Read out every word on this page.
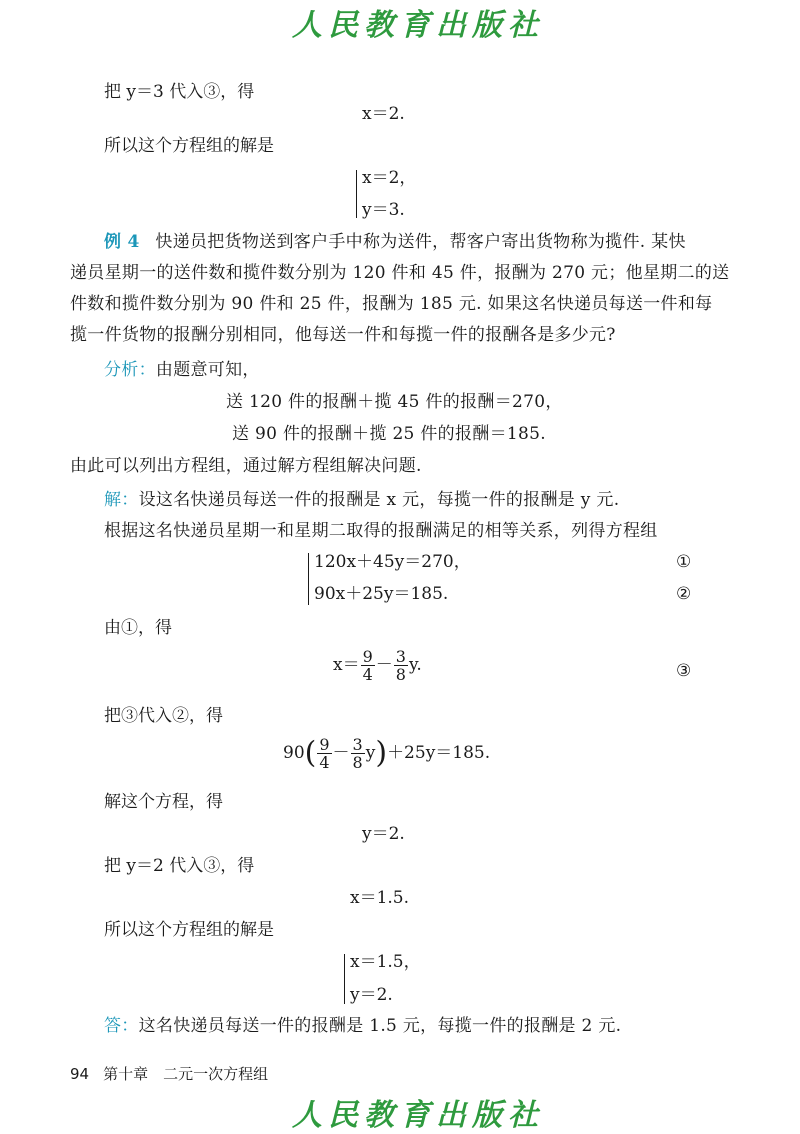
人民教育出版社
把 y＝3 代入③，得
x＝2.
所以这个方程组的解是
x＝2，
y＝3.
例 4 快递员把货物送到客户手中称为送件，帮客户寄出货物称为揽件. 某快
递员星期一的送件数和揽件数分别为 120 件和 45 件，报酬为 270 元；他星期二的送
件数和揽件数分别为 90 件和 25 件，报酬为 185 元. 如果这名快递员每送一件和每
揽一件货物的报酬分别相同，他每送一件和每揽一件的报酬各是多少元?
分析：由题意可知，
送 120 件的报酬＋揽 45 件的报酬＝270，
送 90 件的报酬＋揽 25 件的报酬＝185.
由此可以列出方程组，通过解方程组解决问题.
解：设这名快递员每送一件的报酬是 x 元，每揽一件的报酬是 y 元.
根据这名快递员星期一和星期二取得的报酬满足的相等关系，列得方程组
120x＋45y＝270，	①
90x＋25y＝185.	②
由①，得
$x= \frac{9}{4} - \frac{3}{8} y$.	③
把③代入②，得
$90( \frac{9}{4} - \frac{3}{8} y)+25y=185$.
解这个方程，得
y＝2.
把 y＝2 代入③，得
x＝1.5.
所以这个方程组的解是
x＝1.5，
y＝2.
答：这名快递员每送一件的报酬是 1.5 元，每揽一件的报酬是 2 元.
94 第十章　二元一次方程组
人民教育出版社
